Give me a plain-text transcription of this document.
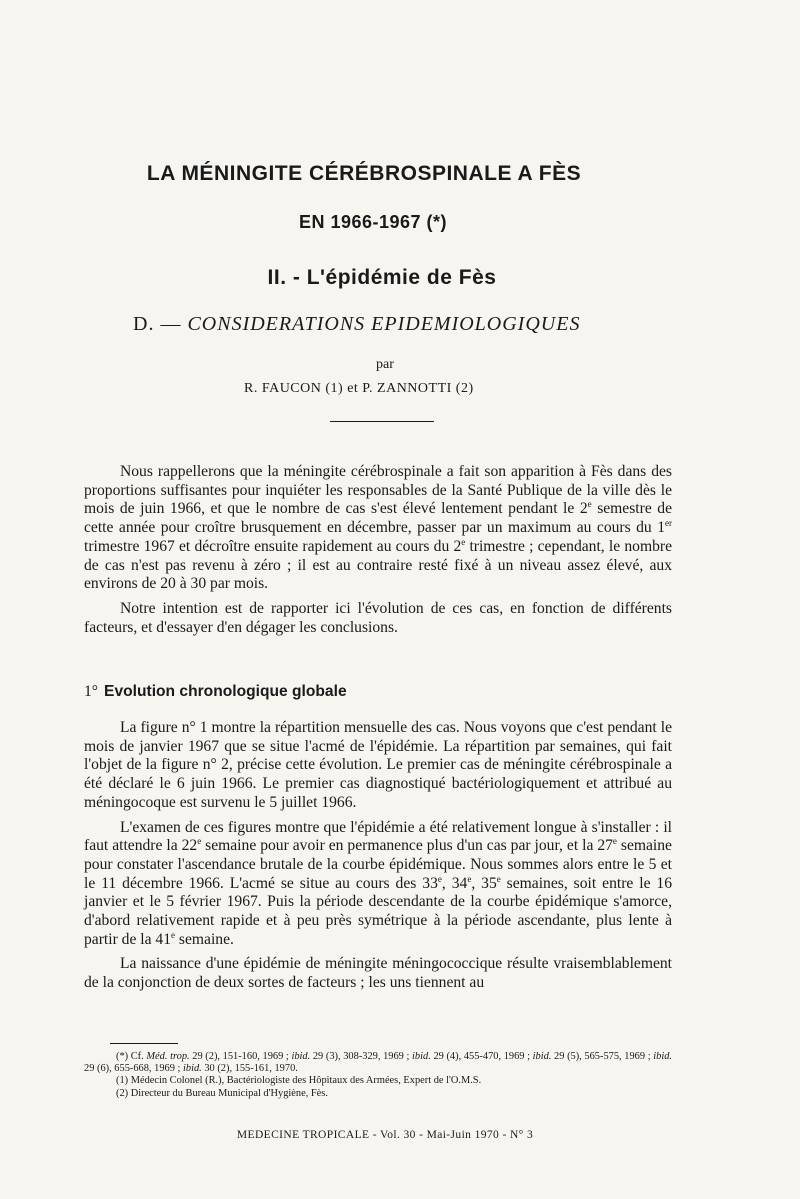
LA MÉNINGITE CÉRÉBROSPINALE A FÈS
EN 1966-1967 (*)
II. - L'épidémie de Fès
D. — CONSIDERATIONS EPIDEMIOLOGIQUES
par
R. FAUCON (1) et P. ZANNOTTI (2)

Nous rappellerons que la méningite cérébrospinale a fait son apparition à Fès dans des proportions suffisantes pour inquiéter les responsables de la Santé Publique de la ville dès le mois de juin 1966, et que le nombre de cas s'est élevé lentement pendant le 2e semestre de cette année pour croître brusquement en décembre, passer par un maximum au cours du 1er trimestre 1967 et décroître ensuite rapidement au cours du 2e trimestre ; cependant, le nombre de cas n'est pas revenu à zéro ; il est au contraire resté fixé à un niveau assez élevé, aux environs de 20 à 30 par mois.

Notre intention est de rapporter ici l'évolution de ces cas, en fonction de différents facteurs, et d'essayer d'en dégager les conclusions.

1° Evolution chronologique globale

La figure n° 1 montre la répartition mensuelle des cas. Nous voyons que c'est pendant le mois de janvier 1967 que se situe l'acmé de l'épidémie. La répartition par semaines, qui fait l'objet de la figure n° 2, précise cette évolution. Le premier cas de méningite cérébrospinale a été déclaré le 6 juin 1966. Le premier cas diagnostiqué bactériologiquement et attribué au méningocoque est survenu le 5 juillet 1966.

L'examen de ces figures montre que l'épidémie a été relativement longue à s'installer : il faut attendre la 22e semaine pour avoir en permanence plus d'un cas par jour, et la 27e semaine pour constater l'ascendance brutale de la courbe épidémique. Nous sommes alors entre le 5 et le 11 décembre 1966. L'acmé se situe au cours des 33e, 34e, 35e semaines, soit entre le 16 janvier et le 5 février 1967. Puis la période descendante de la courbe épidémique s'amorce, d'abord relativement rapide et à peu près symétrique à la période ascendante, plus lente à partir de la 41e semaine.

La naissance d'une épidémie de méningite méningococcique résulte vraisemblablement de la conjonction de deux sortes de facteurs ; les uns tiennent au

(*) Cf. Méd. trop. 29 (2), 151-160, 1969 ; ibid. 29 (3), 308-329, 1969 ; ibid. 29 (4), 455-470, 1969 ; ibid. 29 (5), 565-575, 1969 ; ibid. 29 (6), 655-668, 1969 ; ibid. 30 (2), 155-161, 1970.

(1) Médecin Colonel (R.), Bactériologiste des Hôpitaux des Armées, Expert de l'O.M.S.

(2) Directeur du Bureau Municipal d'Hygiène, Fès.

MEDECINE TROPICALE - Vol. 30 - Mai-Juin 1970 - N° 3
